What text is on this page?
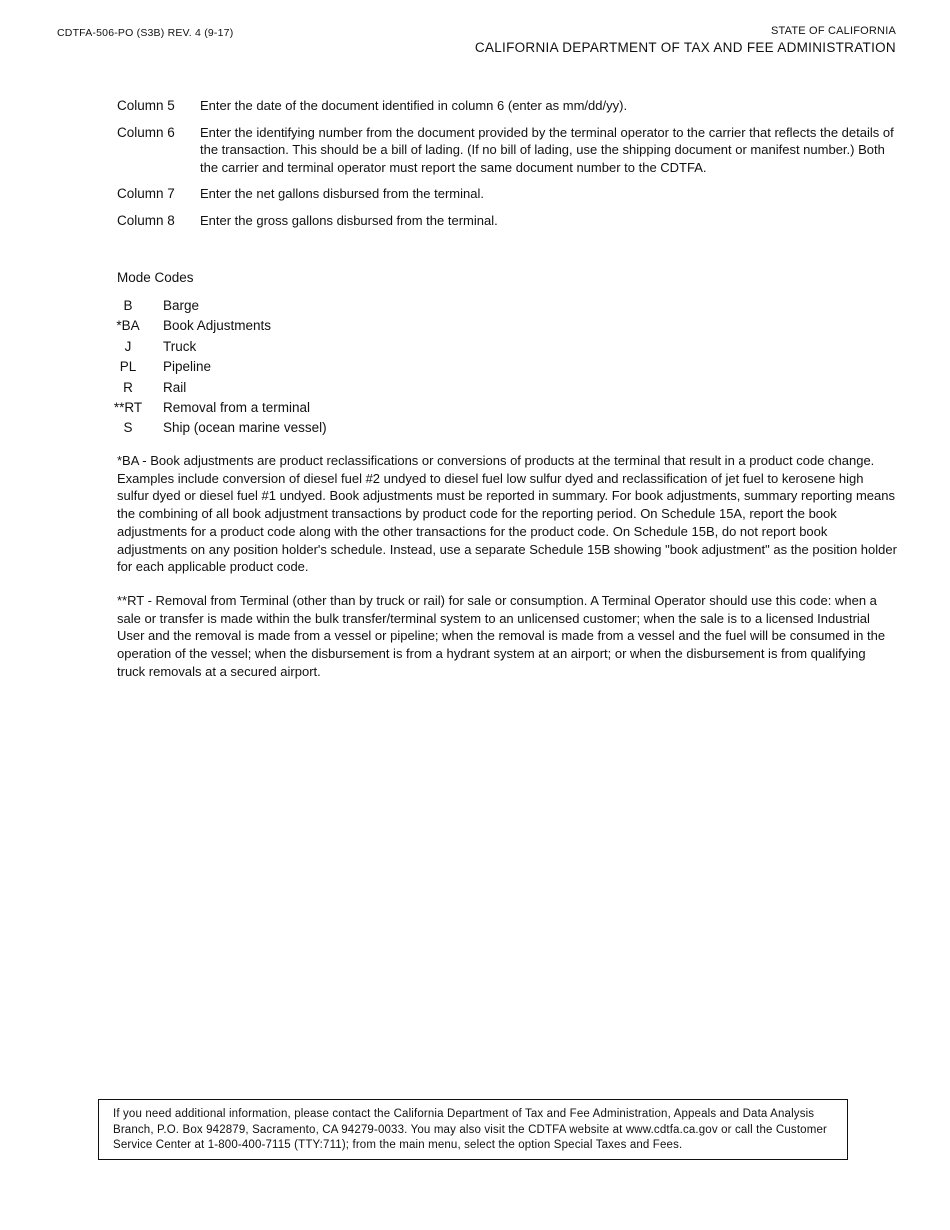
CDTFA-506-PO (S3B) REV. 4 (9-17)	STATE OF CALIFORNIA
CALIFORNIA DEPARTMENT OF TAX AND FEE ADMINISTRATION
Column 5	Enter the date of the document identified in column 6 (enter as mm/dd/yy).
Column 6	Enter the identifying number from the document provided by the terminal operator to the carrier that reflects the details of the transaction. This should be a bill of lading. (If no bill of lading, use the shipping document or manifest number.) Both the carrier and terminal operator must report the same document number to the CDTFA.
Column 7	Enter the net gallons disbursed from the terminal.
Column 8	Enter the gross gallons disbursed from the terminal.
Mode Codes
B	Barge
*BA Book Adjustments
J	Truck
PL	Pipeline
R	Rail
**RT Removal from a terminal
S	Ship (ocean marine vessel)

*BA - Book adjustments are product reclassifications or conversions of products at the terminal that result in a product code change. Examples include conversion of diesel fuel #2 undyed to diesel fuel low sulfur dyed and reclassification of jet fuel to kerosene high sulfur dyed or diesel fuel #1 undyed. Book adjustments must be reported in summary. For book adjustments, summary reporting means the combining of all book adjustment transactions by product code for the reporting period. On Schedule 15A, report the book adjustments for a product code along with the other transactions for the product code. On Schedule 15B, do not report book adjustments on any position holder's schedule. Instead, use a separate Schedule 15B showing "book adjustment" as the position holder for each applicable product code.

**RT - Removal from Terminal (other than by truck or rail) for sale or consumption. A Terminal Operator should use this code: when a sale or transfer is made within the bulk transfer/terminal system to an unlicensed customer; when the sale is to a licensed Industrial User and the removal is made from a vessel or pipeline; when the removal is made from a vessel and the fuel will be consumed in the operation of the vessel; when the disbursement is from a hydrant system at an airport; or when the disbursement is from qualifying truck removals at a secured airport.

If you need additional information, please contact the California Department of Tax and Fee Administration, Appeals and Data Analysis Branch, P.O. Box 942879, Sacramento, CA 94279-0033. You may also visit the CDTFA website at www.cdtfa.ca.gov or call the Customer Service Center at 1-800-400-7115 (TTY:711); from the main menu, select the option Special Taxes and Fees.
